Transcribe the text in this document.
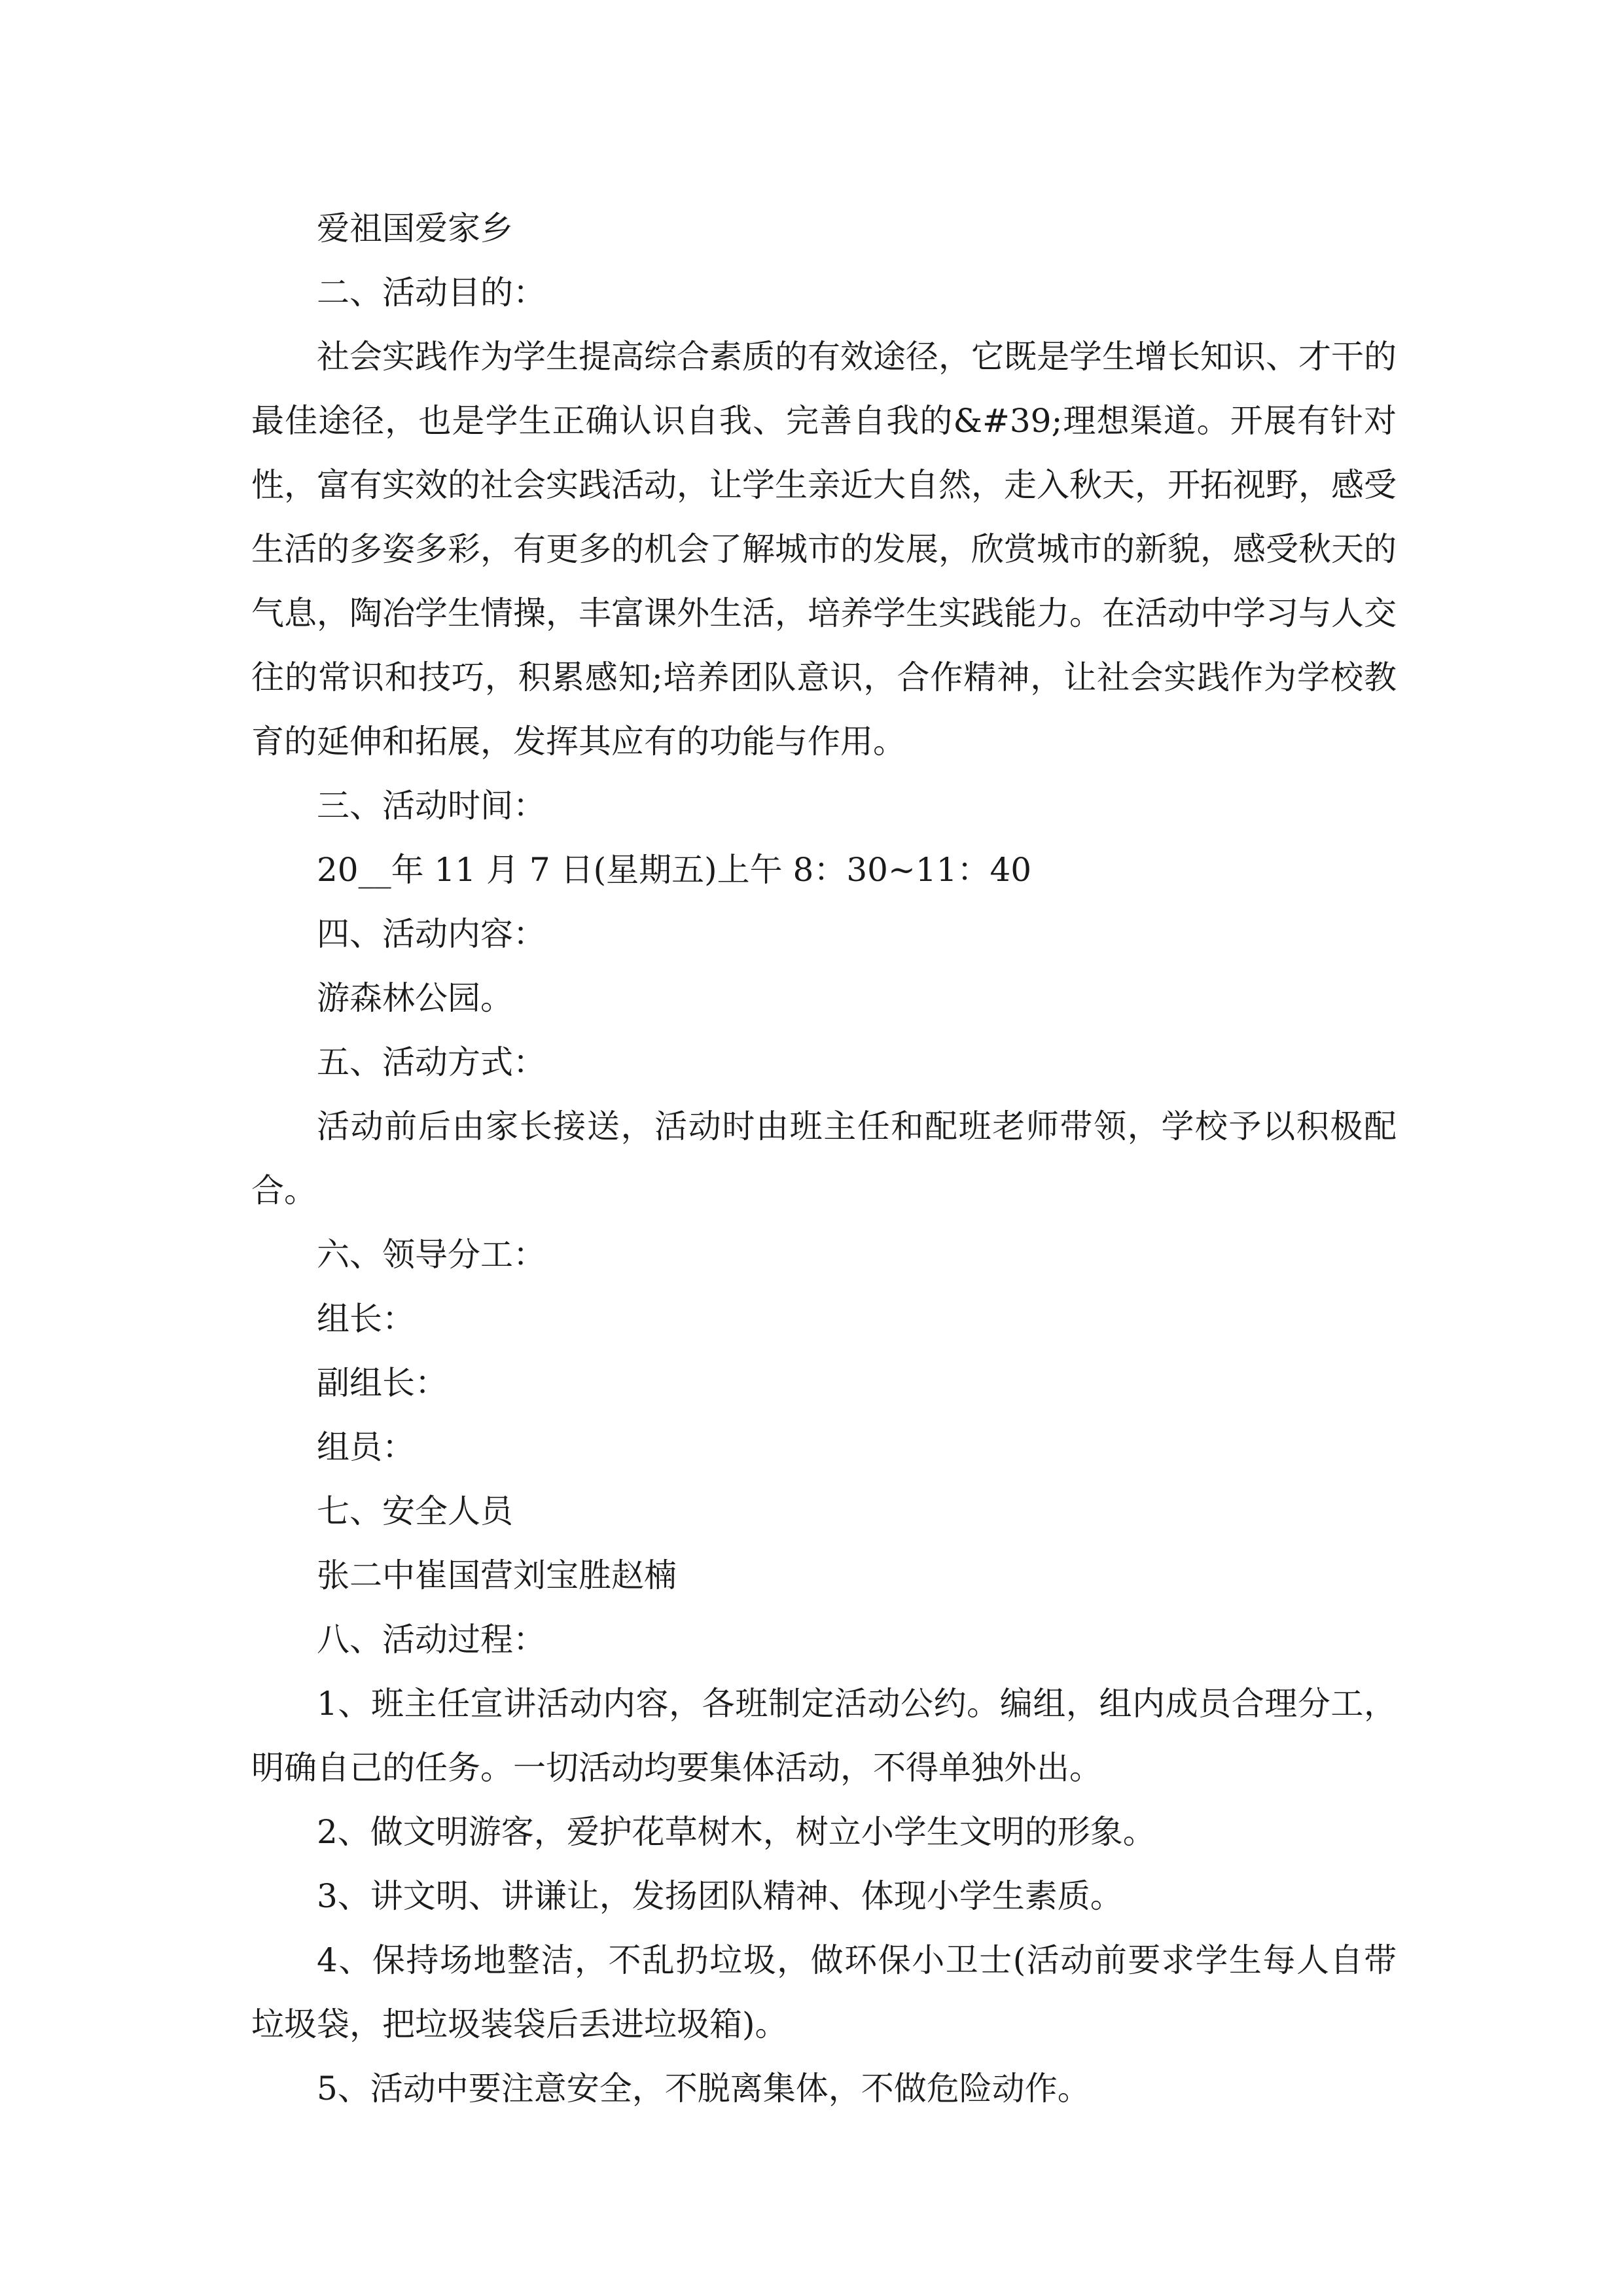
爱祖国爱家乡

二、活动目的：

社会实践作为学生提高综合素质的有效途径，它既是学生增长知识、才干的最佳途径，也是学生正确认识自我、完善自我的&#39;理想渠道。开展有针对性，富有实效的社会实践活动，让学生亲近大自然，走入秋天，开拓视野，感受生活的多姿多彩，有更多的机会了解城市的发展，欣赏城市的新貌，感受秋天的气息，陶冶学生情操，丰富课外生活，培养学生实践能力。在活动中学习与人交往的常识和技巧，积累感知;培养团队意识，合作精神，让社会实践作为学校教育的延伸和拓展，发挥其应有的功能与作用。

三、活动时间：

20__年 11 月 7 日(星期五)上午 8：30~11：40

四、活动内容：

游森林公园。

五、活动方式：

活动前后由家长接送，活动时由班主任和配班老师带领，学校予以积极配合。

六、领导分工：

组长：

副组长：

组员：

七、安全人员

张二中崔国营刘宝胜赵楠

八、活动过程：

1、班主任宣讲活动内容，各班制定活动公约。编组，组内成员合理分工，明确自己的任务。一切活动均要集体活动，不得单独外出。

2、做文明游客，爱护花草树木，树立小学生文明的形象。

3、讲文明、讲谦让，发扬团队精神、体现小学生素质。

4、保持场地整洁，不乱扔垃圾，做环保小卫士(活动前要求学生每人自带垃圾袋，把垃圾装袋后丢进垃圾箱)。

5、活动中要注意安全，不脱离集体，不做危险动作。
